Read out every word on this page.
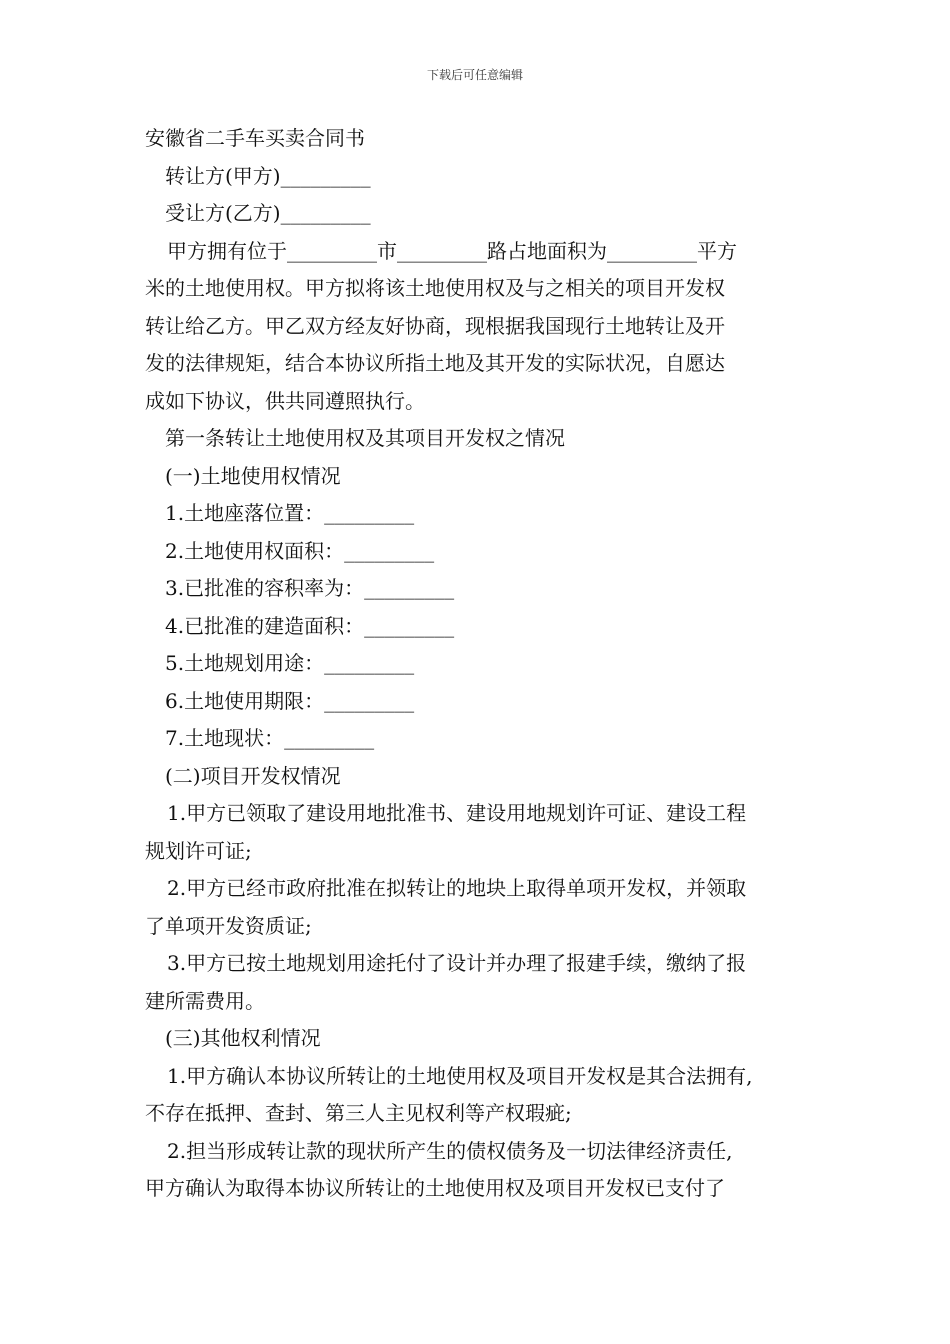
下载后可任意编辑

安徽省二手车买卖合同书

转让方(甲方)_________

受让方(乙方)_________

甲方拥有位于_________市_________路占地面积为_________平方

米的土地使用权。甲方拟将该土地使用权及与之相关的项目开发权

转让给乙方。甲乙双方经友好协商，现根据我国现行土地转让及开

发的法律规矩，结合本协议所指土地及其开发的实际状况，自愿达

成如下协议，供共同遵照执行。

第一条转让土地使用权及其项目开发权之情况

(一)土地使用权情况

1.土地座落位置：_________

2.土地使用权面积：_________

3.已批准的容积率为：_________

4.已批准的建造面积：_________

5.土地规划用途：_________

6.土地使用期限：_________

7.土地现状：_________

(二)项目开发权情况

1.甲方已领取了建设用地批准书、建设用地规划许可证、建设工程

规划许可证;

2.甲方已经市政府批准在拟转让的地块上取得单项开发权，并领取

了单项开发资质证;

3.甲方已按土地规划用途托付了设计并办理了报建手续，缴纳了报

建所需费用。

(三)其他权利情况

1.甲方确认本协议所转让的土地使用权及项目开发权是其合法拥有,

不存在抵押、查封、第三人主见权利等产权瑕疵;

2.担当形成转让款的现状所产生的债权债务及一切法律经济责任,

甲方确认为取得本协议所转让的土地使用权及项目开发权已支付了
